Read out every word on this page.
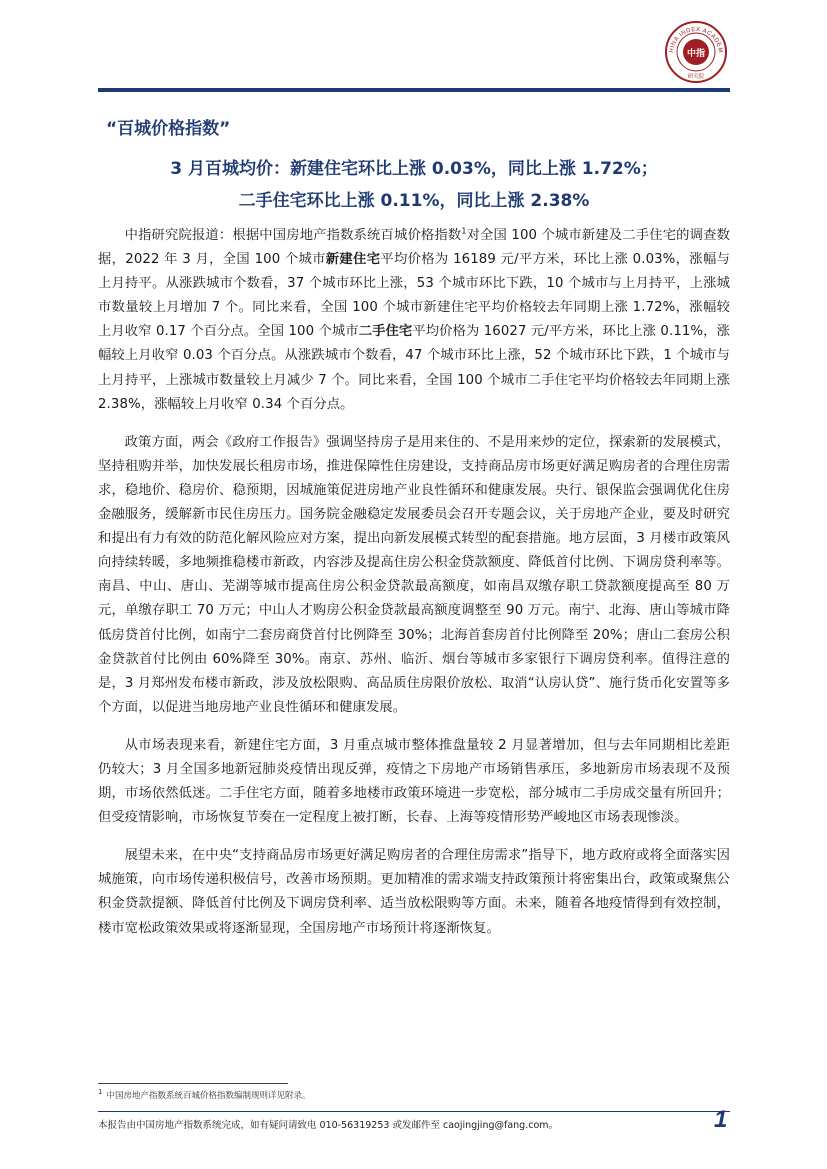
HINA INDEX ACADEM
中指
研究院
“百城价格指数”
3 月百城均价：新建住宅环比上涨 0.03%，同比上涨 1.72%；
二手住宅环比上涨 0.11%，同比上涨 2.38%

中指研究院报道：根据中国房地产指数系统百城价格指数$^1$对全国 100 个城市新建及二手住宅的调查数据，2022 年 3 月，全国 100 个城市新建住宅平均价格为 16189 元/平方米，环比上涨 0.03%，涨幅与上月持平。从涨跌城市个数看，37 个城市环比上涨，53 个城市环比下跌，10 个城市与上月持平，上涨城市数量较上月增加 7 个。同比来看，全国 100 个城市新建住宅平均价格较去年同期上涨 1.72%，涨幅较上月收窄 0.17 个百分点。全国 100 个城市二手住宅平均价格为 16027 元/平方米，环比上涨 0.11%，涨幅较上月收窄 0.03 个百分点。从涨跌城市个数看，47 个城市环比上涨，52 个城市环比下跌，1 个城市与上月持平，上涨城市数量较上月减少 7 个。同比来看，全国 100 个城市二手住宅平均价格较去年同期上涨 2.38%，涨幅较上月收窄 0.34 个百分点。

政策方面，两会《政府工作报告》强调坚持房子是用来住的、不是用来炒的定位，探索新的发展模式，坚持租购并举，加快发展长租房市场，推进保障性住房建设，支持商品房市场更好满足购房者的合理住房需求，稳地价、稳房价、稳预期，因城施策促进房地产业良性循环和健康发展。央行、银保监会强调优化住房金融服务，缓解新市民住房压力。国务院金融稳定发展委员会召开专题会议，关于房地产企业，要及时研究和提出有力有效的防范化解风险应对方案，提出向新发展模式转型的配套措施。地方层面，3 月楼市政策风向持续转暖，多地频推稳楼市新政，内容涉及提高住房公积金贷款额度、降低首付比例、下调房贷利率等。南昌、中山、唐山、芜湖等城市提高住房公积金贷款最高额度，如南昌双缴存职工贷款额度提高至 80 万元，单缴存职工 70 万元；中山人才购房公积金贷款最高额度调整至 90 万元。南宁、北海、唐山等城市降低房贷首付比例，如南宁二套房商贷首付比例降至 30%；北海首套房首付比例降至 20%；唐山二套房公积金贷款首付比例由 60%降至 30%。南京、苏州、临沂、烟台等城市多家银行下调房贷利率。值得注意的是，3 月郑州发布楼市新政，涉及放松限购、高品质住房限价放松、取消“认房认贷”、施行货币化安置等多个方面，以促进当地房地产业良性循环和健康发展。

从市场表现来看，新建住宅方面，3 月重点城市整体推盘量较 2 月显著增加，但与去年同期相比差距仍较大；3 月全国多地新冠肺炎疫情出现反弹，疫情之下房地产市场销售承压，多地新房市场表现不及预期，市场依然低迷。二手住宅方面，随着多地楼市政策环境进一步宽松，部分城市二手房成交量有所回升；但受疫情影响，市场恢复节奏在一定程度上被打断，长春、上海等疫情形势严峻地区市场表现惨淡。

展望未来，在中央“支持商品房市场更好满足购房者的合理住房需求”指导下，地方政府或将全面落实因城施策，向市场传递积极信号，改善市场预期。更加精准的需求端支持政策预计将密集出台，政策或聚焦公积金贷款提额、降低首付比例及下调房贷利率、适当放松限购等方面。未来，随着各地疫情得到有效控制，楼市宽松政策效果或将逐渐显现，全国房地产市场预计将逐渐恢复。

$^1$ 中国房地产指数系统百城价格指数编制规则详见附录。
本报告由中国房地产指数系统完成，如有疑问请致电 010-56319253 或发邮件至 caojingjing@fang.com。	1
